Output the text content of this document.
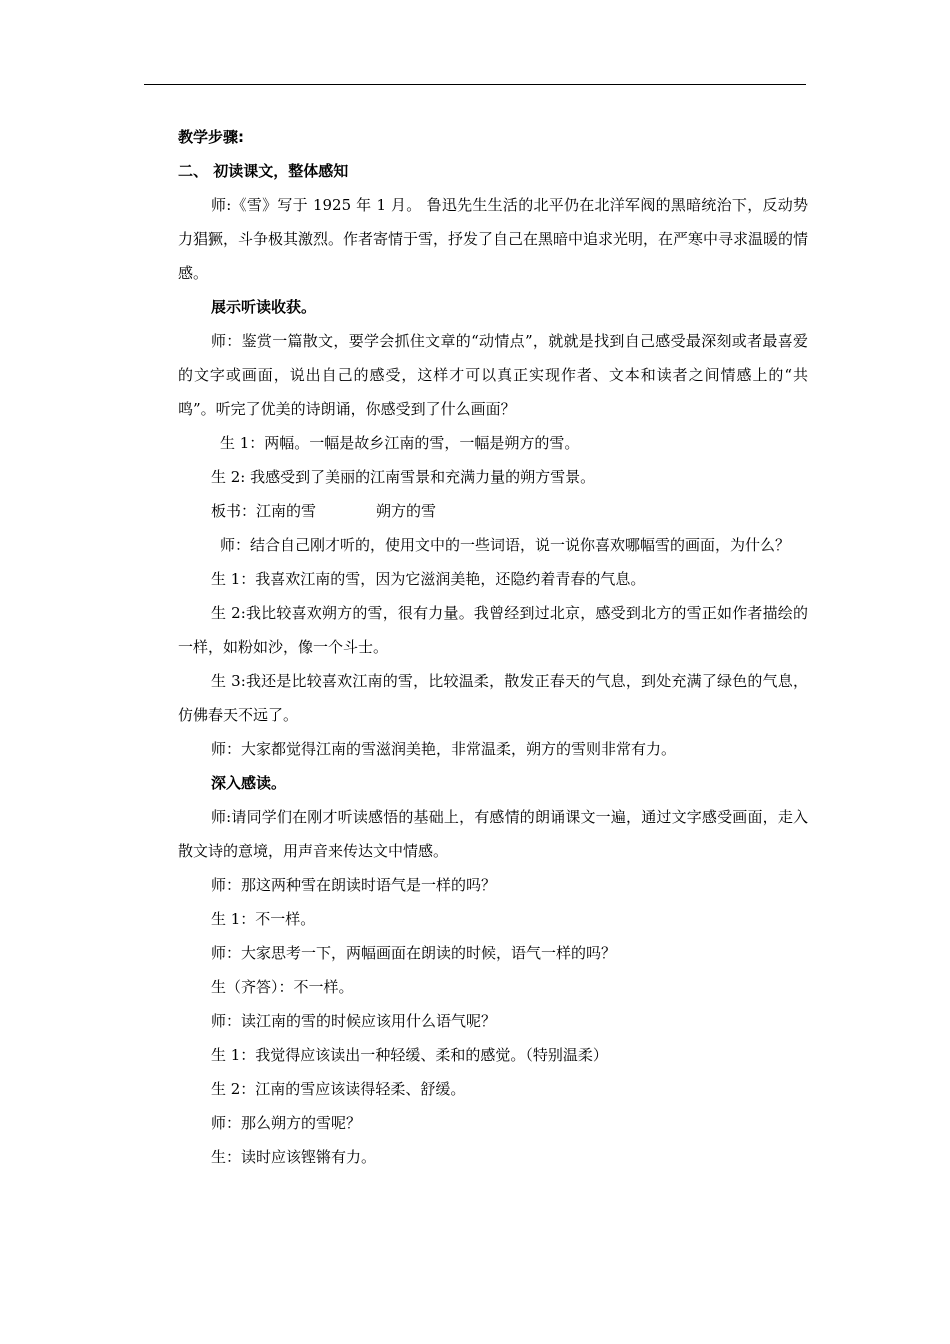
教学步骤:
二、 初读课文，整体感知

师:《雪》写于 1925 年 1 月。 鲁迅先生生活的北平仍在北洋军阀的黑暗统治下，反动势力猖獗，斗争极其激烈。作者寄情于雪，抒发了自己在黑暗中追求光明，在严寒中寻求温暖的情感。

展示听读收获。

师：鉴赏一篇散文，要学会抓住文章的“动情点”，就就是找到自己感受最深刻或者最喜爱的文字或画面，说出自己的感受，这样才可以真正实现作者、文本和读者之间情感上的“共鸣”。听完了优美的诗朗诵，你感受到了什么画面？

生 1：两幅。一幅是故乡江南的雪，一幅是朔方的雪。
生 2: 我感受到了美丽的江南雪景和充满力量的朔方雪景。
板书：江南的雪	朔方的雪

师：结合自己刚才听的，使用文中的一些词语，说一说你喜欢哪幅雪的画面，为什么？

生 1：我喜欢江南的雪，因为它滋润美艳，还隐约着青春的气息。

生 2:我比较喜欢朔方的雪，很有力量。我曾经到过北京，感受到北方的雪正如作者描绘的一样，如粉如沙，像一个斗士。

生 3:我还是比较喜欢江南的雪，比较温柔，散发正春天的气息，到处充满了绿色的气息，仿佛春天不远了。

师：大家都觉得江南的雪滋润美艳，非常温柔，朔方的雪则非常有力。
深入感读。

师:请同学们在刚才听读感悟的基础上，有感情的朗诵课文一遍，通过文字感受画面，走入散文诗的意境，用声音来传达文中情感。

师：那这两种雪在朗读时语气是一样的吗？
生 1：不一样。
师：大家思考一下，两幅画面在朗读的时候，语气一样的吗？
生（齐答）：不一样。
师：读江南的雪的时候应该用什么语气呢？
生 1：我觉得应该读出一种轻缓、柔和的感觉。（特别温柔）
生 2：江南的雪应该读得轻柔、舒缓。
师：那么朔方的雪呢？
生：读时应该铿锵有力。
